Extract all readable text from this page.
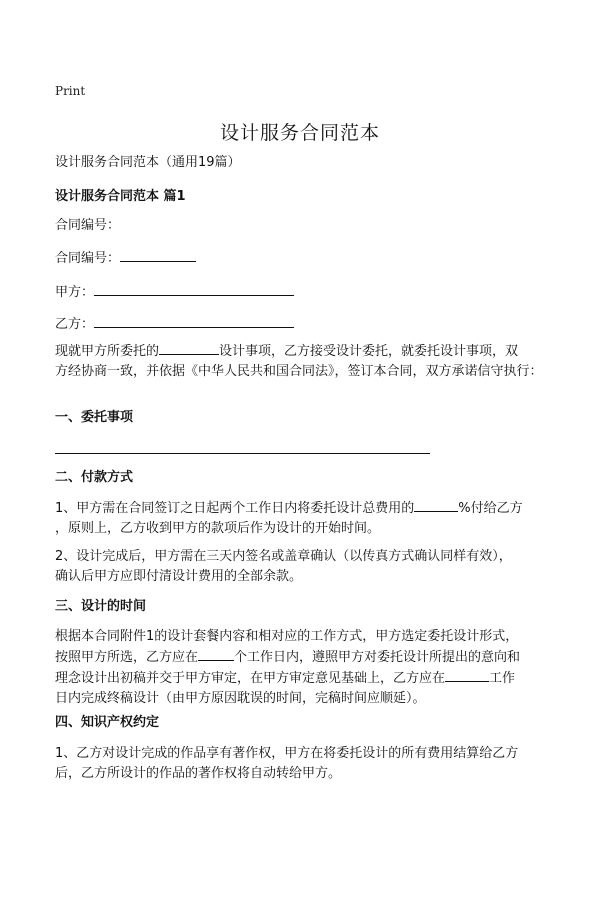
Print
设计服务合同范本
设计服务合同范本（通用19篇）
设计服务合同范本 篇1
合同编号：
合同编号：
甲方：
乙方：
现就甲方所委托的	设计事项，乙方接受设计委托，就委托设计事项，双
方经协商一致，并依据《中华人民共和国合同法》，签订本合同，双方承诺信守执行：
一、委托事项
二、付款方式
1、甲方需在合同签订之日起两个工作日内将委托设计总费用的	%付给乙方
，原则上，乙方收到甲方的款项后作为设计的开始时间。
2、设计完成后，甲方需在三天内签名或盖章确认（以传真方式确认同样有效），
确认后甲方应即付清设计费用的全部余款。
三、设计的时间
根据本合同附件1的设计套餐内容和相对应的工作方式，甲方选定委托设计形式，
按照甲方所选，乙方应在	个工作日内，遵照甲方对委托设计所提出的意向和
理念设计出初稿并交于甲方审定，在甲方审定意见基础上，乙方应在	工作
日内完成终稿设计（由甲方原因耽误的时间，完稿时间应顺延）。
四、知识产权约定
1、乙方对设计完成的作品享有著作权，甲方在将委托设计的所有费用结算给乙方
后，乙方所设计的作品的著作权将自动转给甲方。
